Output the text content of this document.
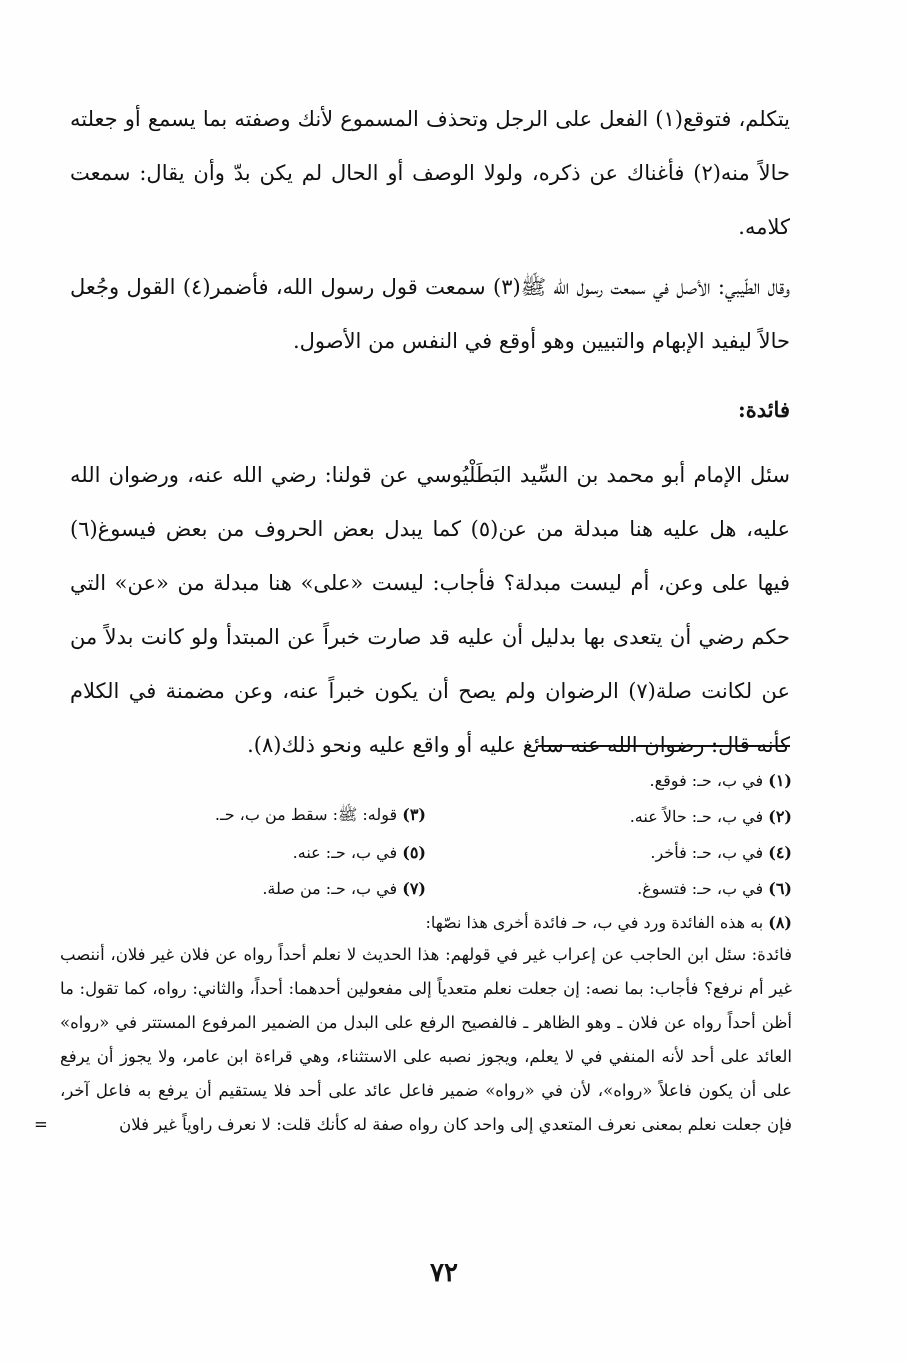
يتكلم، فتوقع(١) الفعل على الرجل وتحذف المسموع لأنك وصفته بما يسمع أو جعلته حالاً منه(٢) فأغناك عن ذكره، ولولا الوصف أو الحال لم يكن بدّ وأن يقال: سمعت كلامه.

وقال الطّيبي: الأصل في سمعت رسول الله ﷺ(٣) سمعت قول رسول الله، فأضمر(٤) القول وجُعل حالاً ليفيد الإبهام والتبيين وهو أوقع في النفس من الأصول.

فائدة:

سئل الإمام أبو محمد بن السِّيد البَطَلْيُوسي عن قولنا: رضي الله عنه، ورضوان الله عليه، هل عليه هنا مبدلة من عن(٥) كما يبدل بعض الحروف من بعض فيسوغ(٦) فيها على وعن، أم ليست مبدلة؟ فأجاب: ليست «على» هنا مبدلة من «عن» التي حكم رضي أن يتعدى بها بدليل أن عليه قد صارت خبراً عن المبتدأ ولو كانت بدلاً من عن لكانت صلة(٧) الرضوان ولم يصح أن يكون خبراً عنه، وعن مضمنة في الكلام كأنه قال: رضوان الله عنه سائغ عليه أو واقع عليه ونحو ذلك(٨).

(١) في ب، حـ: فوقع.
(٢) في ب، حـ: حالاً عنه.
(٣) قوله: ﷺ: سقط من ب، حـ.
(٤) في ب، حـ: فأخر.
(٥) في ب، حـ: عنه.
(٦) في ب، حـ: فتسوغ.
(٧) في ب، حـ: من صلة.
(٨) به هذه الفائدة ورد في ب، حـ فائدة أخرى هذا نصّها:

فائدة: سئل ابن الحاجب عن إعراب غير في قولهم: هذا الحديث لا نعلم أحداً رواه عن فلان غير فلان، أننصب غير أم نرفع؟ فأجاب: بما نصه: إن جعلت نعلم متعدياً إلى مفعولين أحدهما: أحداً، والثاني: رواه، كما تقول: ما أظن أحداً رواه عن فلان ـ وهو الظاهر ـ فالفصيح الرفع على البدل من الضمير المرفوع المستتر في «رواه» العائد على أحد لأنه المنفي في لا يعلم، ويجوز نصبه على الاستثناء، وهي قراءة ابن عامر، ولا يجوز أن يرفع على أن يكون فاعلاً «رواه»، لأن في «رواه» ضمير فاعل عائد على أحد فلا يستقيم أن يرفع به فاعل آخر، فإن جعلت نعلم بمعنى نعرف المتعدي إلى واحد كان رواه صفة له كأنك قلت: لا نعرف راوياً غير فلان
=

٧٢
